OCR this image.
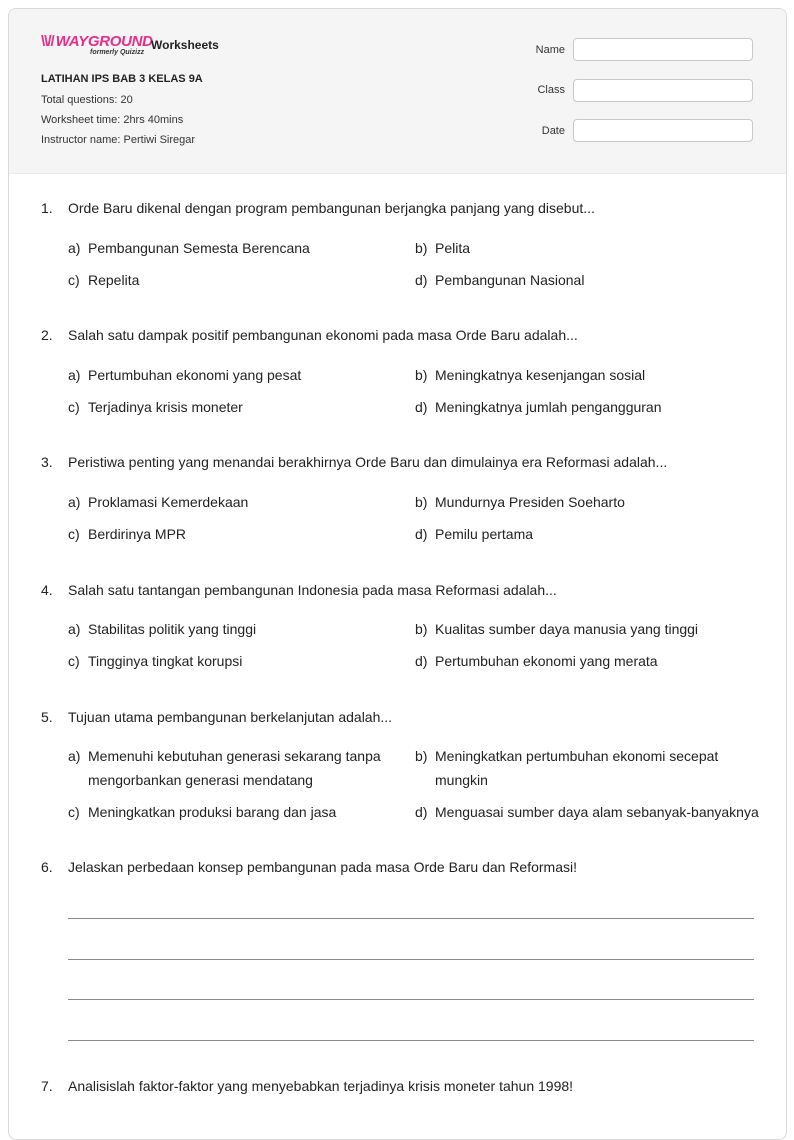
\\// WAYGROUND
formerly Quizizz
Worksheets
LATIHAN IPS BAB 3 KELAS 9A
Total questions: 20
Worksheet time: 2hrs 40mins
Instructor name: Pertiwi Siregar
Name
Class
Date
1. Orde Baru dikenal dengan program pembangunan berjangka panjang yang disebut...
a) Pembangunan Semesta Berencana	b) Pelita
c) Repelita	d) Pembangunan Nasional
2. Salah satu dampak positif pembangunan ekonomi pada masa Orde Baru adalah...
a) Pertumbuhan ekonomi yang pesat	b) Meningkatnya kesenjangan sosial
c) Terjadinya krisis moneter	d) Meningkatnya jumlah pengangguran
3. Peristiwa penting yang menandai berakhirnya Orde Baru dan dimulainya era Reformasi adalah...
a) Proklamasi Kemerdekaan	b) Mundurnya Presiden Soeharto
c) Berdirinya MPR	d) Pemilu pertama
4. Salah satu tantangan pembangunan Indonesia pada masa Reformasi adalah...
a) Stabilitas politik yang tinggi	b) Kualitas sumber daya manusia yang tinggi
c) Tingginya tingkat korupsi	d) Pertumbuhan ekonomi yang merata
5. Tujuan utama pembangunan berkelanjutan adalah...
a) Memenuhi kebutuhan generasi sekarang tanpa mengorbankan generasi mendatang
b) Meningkatkan pertumbuhan ekonomi secepat mungkin
c) Meningkatkan produksi barang dan jasa	d) Menguasai sumber daya alam sebanyak-banyaknya
6. Jelaskan perbedaan konsep pembangunan pada masa Orde Baru dan Reformasi!
7. Analisislah faktor-faktor yang menyebabkan terjadinya krisis moneter tahun 1998!
